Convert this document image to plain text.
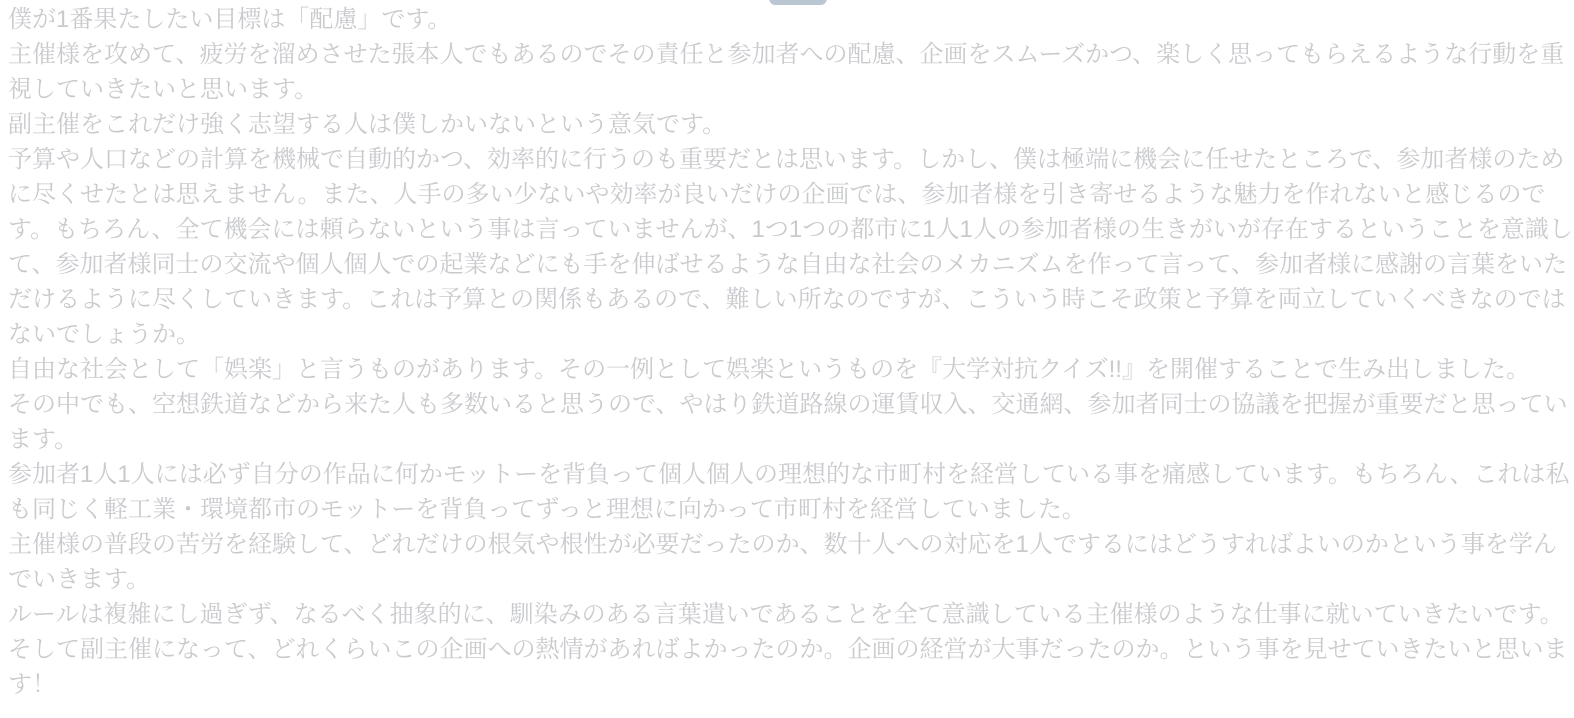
僕が1番果たしたい目標は「配慮」です。
主催様を攻めて、疲労を溜めさせた張本人でもあるのでその責任と参加者への配慮、企画をスムーズかつ、楽しく思ってもらえるような行動を重視していきたいと思います。
副主催をこれだけ強く志望する人は僕しかいないという意気です。
予算や人口などの計算を機械で自動的かつ、効率的に行うのも重要だとは思います。しかし、僕は極端に機会に任せたところで、参加者様のために尽くせたとは思えません。また、人手の多い少ないや効率が良いだけの企画では、参加者様を引き寄せるような魅力を作れないと感じるのです。もちろん、全て機会には頼らないという事は言っていませんが、1つ1つの都市に1人1人の参加者様の生きがいが存在するということを意識して、参加者様同士の交流や個人個人での起業などにも手を伸ばせるような自由な社会のメカニズムを作って言って、参加者様に感謝の言葉をいただけるように尽くしていきます。これは予算との関係もあるので、難しい所なのですが、こういう時こそ政策と予算を両立していくべきなのではないでしょうか。
自由な社会として「娯楽」と言うものがあります。その一例として娯楽というものを『大学対抗クイズ!!』を開催することで生み出しました。
その中でも、空想鉄道などから来た人も多数いると思うので、やはり鉄道路線の運賃収入、交通網、参加者同士の協議を把握が重要だと思っています。
参加者1人1人には必ず自分の作品に何かモットーを背負って個人個人の理想的な市町村を経営している事を痛感しています。もちろん、これは私も同じく軽工業・環境都市のモットーを背負ってずっと理想に向かって市町村を経営していました。
主催様の普段の苦労を経験して、どれだけの根気や根性が必要だったのか、数十人への対応を1人でするにはどうすればよいのかという事を学んでいきます。
ルールは複雑にし過ぎず、なるべく抽象的に、馴染みのある言葉遣いであることを全て意識している主催様のような仕事に就いていきたいです。
そして副主催になって、どれくらいこの企画への熱情があればよかったのか。企画の経営が大事だったのか。という事を見せていきたいと思います！
